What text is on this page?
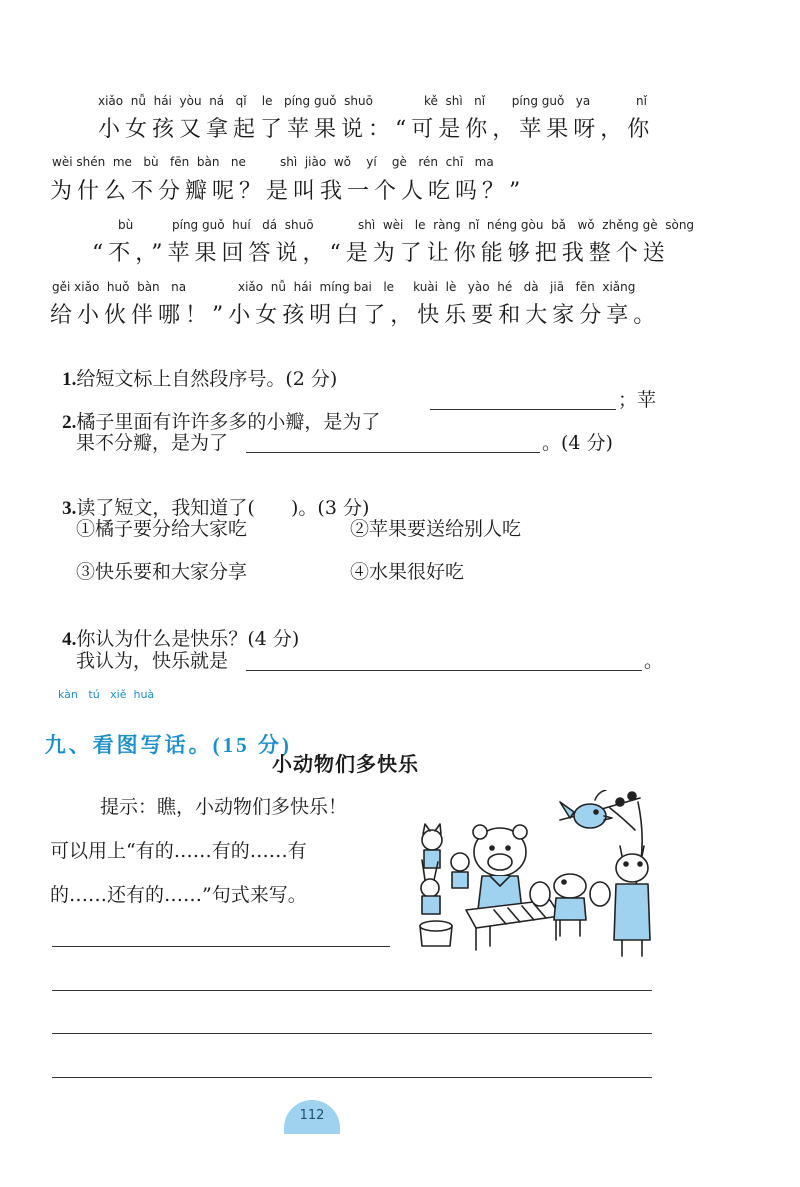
xiǎo  nǚ  hái  yòu  ná   qǐ    le   píng guǒ  shuō	kě  shì   nǐ       píng guǒ   ya	nǐ
小女孩又拿起了苹果说：“可是你，苹果呀，你
wèi shén  me   bù   fēn  bàn   ne	shì  jiào  wǒ    yí    gè   rén  chī   ma
为什么不分瓣呢？是叫我一个人吃吗？”
bù	píng guǒ  huí   dá  shuō	shì  wèi   le  ràng  nǐ  néng gòu  bǎ   wǒ  zhěng gè  sòng
“不，”苹果回答说，“是为了让你能够把我整个送
gěi xiǎo  huǒ  bàn   na	xiǎo  nǚ  hái  míng bai   le     kuài  lè   yào  hé   dà   jiā   fēn  xiǎng
给小伙伴哪！”小女孩明白了，快乐要和大家分享。

1.给短文标上自然段序号。(2 分)

2.橘子里面有许许多多的小瓣，是为了

；苹
果不分瓣，是为了	。(4 分)

3.读了短文，我知道了(      )。(3 分)

①橘子要分给大家吃	②苹果要送给别人吃
③快乐要和大家分享	④水果很好吃

4.你认为什么是快乐？(4 分)

我认为，快乐就是	。
kàn   tú   xiě  huà

九、看图写话。(15 分)

小动物们多快乐
提示：瞧，小动物们多快乐！
可以用上“有的……有的……有
的……还有的……”句式来写。
112
